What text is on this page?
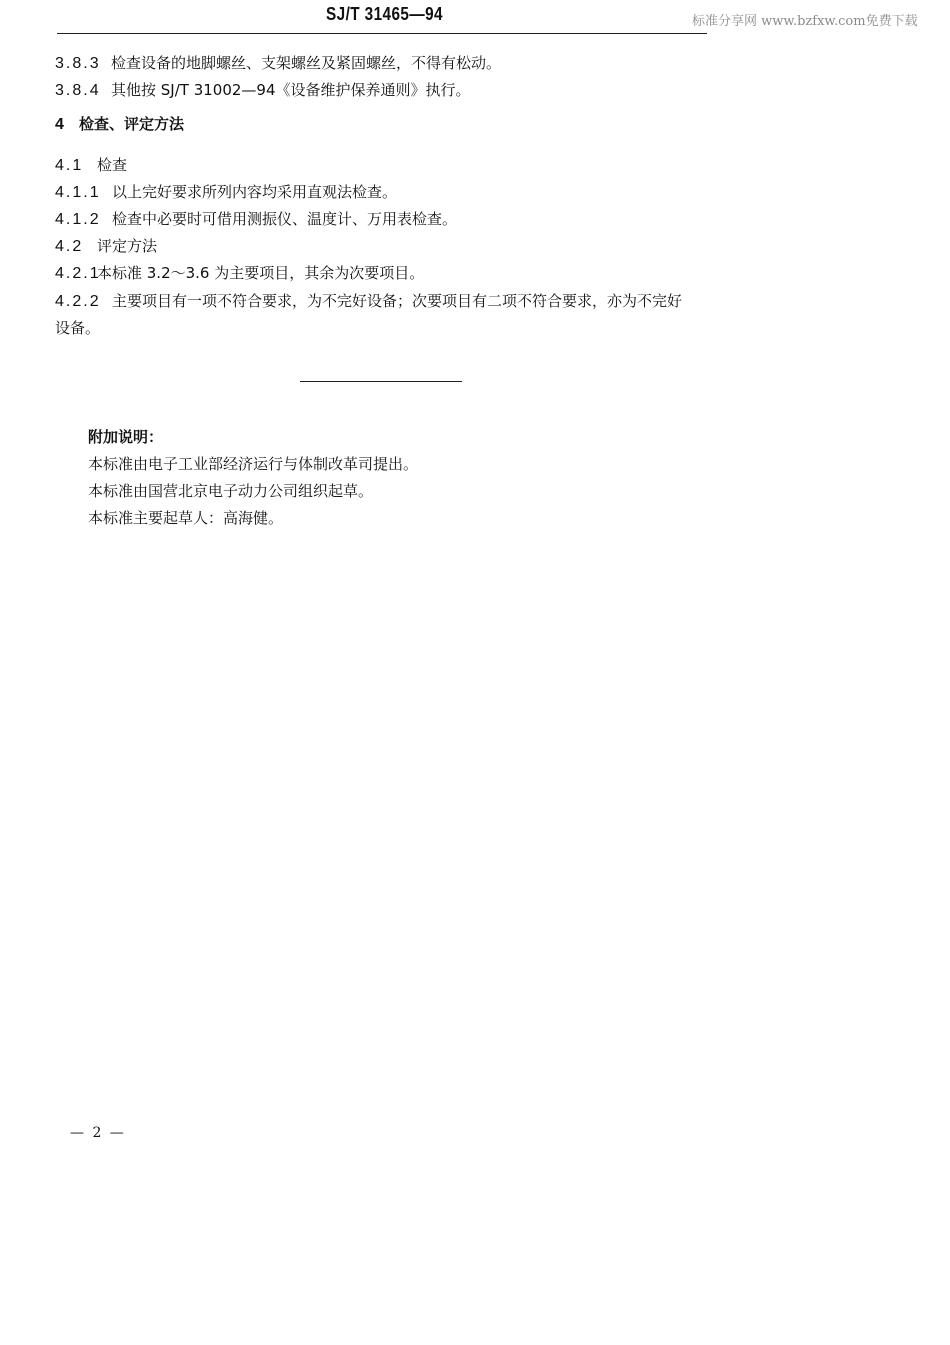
SJ/T 31465—94	标准分享网 www.bzfxw.com免费下载
3.8.3 检查设备的地脚螺丝、支架螺丝及紧固螺丝，不得有松动。
3.8.4 其他按 SJ/T 31002—94《设备维护保养通则》执行。
4 检查、评定方法
4.1 检查
4.1.1 以上完好要求所列内容均采用直观法检查。
4.1.2 检查中必要时可借用测振仪、温度计、万用表检查。
4.2 评定方法
4.2.1本标准 3.2～3.6 为主要项目，其余为次要项目。
4.2.2 主要项目有一项不符合要求，为不完好设备；次要项目有二项不符合要求，亦为不完好
设备。
附加说明：
本标准由电子工业部经济运行与体制改革司提出。
本标准由国营北京电子动力公司组织起草。
本标准主要起草人：高海健。
— 2 —
